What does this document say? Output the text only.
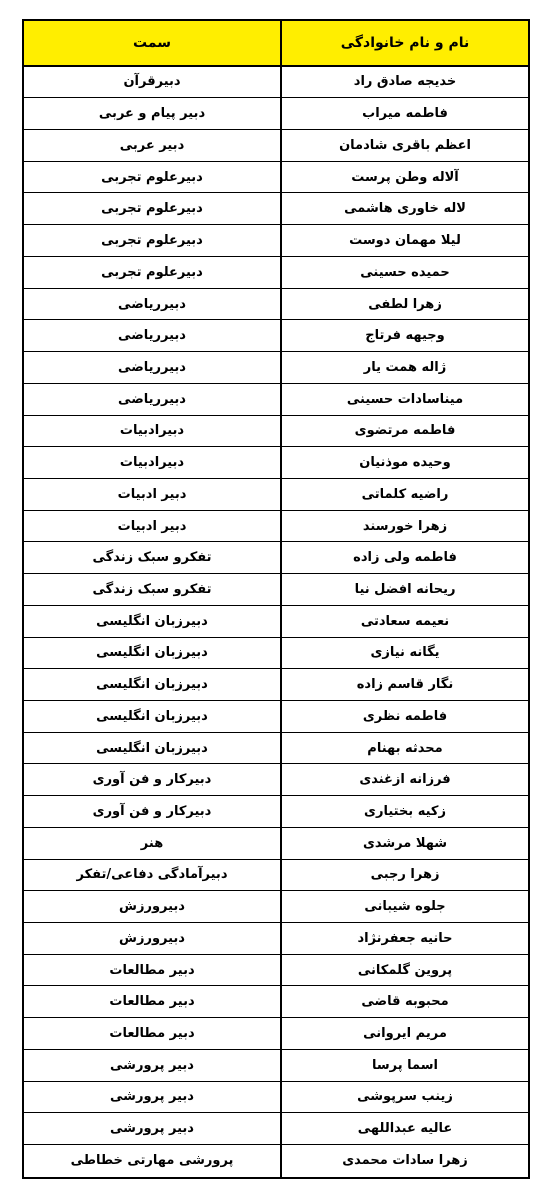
نام و نام خانوادگی
سمت
خدیجه صادق راد
دبیرقرآن
فاطمه میراب
دبیر پیام و عربی
اعظم باقری شادمان
دبیر عربی
آلاله وطن پرست
دبیرعلوم تجربی
لاله خاوری هاشمی
دبیرعلوم تجربی
لیلا مهمان دوست
دبیرعلوم تجربی
حمیده حسینی
دبیرعلوم تجربی
زهرا لطفی
دبیرریاضی
وجیهه فرتاج
دبیرریاضی
ژاله همت یار
دبیرریاضی
میناسادات حسینی
دبیرریاضی
فاطمه مرتضوی
دبیرادبیات
وحیده موذنیان
دبیرادبیات
راضیه کلماتی
دبیر ادبیات
زهرا خورسند
دبیر ادبیات
فاطمه ولی زاده
تفکرو سبک زندگی
ریحانه افضل نیا
تفکرو سبک زندگی
نعیمه سعادتی
دبیرزبان انگلیسی
یگانه نیازی
دبیرزبان انگلیسی
نگار قاسم زاده
دبیرزبان انگلیسی
فاطمه نظری
دبیرزبان انگلیسی
محدثه بهنام
دبیرزبان انگلیسی
فرزانه ازغندی
دبیرکار و فن آوری
زکیه بختیاری
دبیرکار و فن آوری
شهلا مرشدی
هنر
زهرا رجبی
دبیرآمادگی دفاعی/تفکر
جلوه شیبانی
دبیرورزش
حانیه جعفرنژاد
دبیرورزش
پروین گلمکانی
دبیر مطالعات
محبوبه قاضی
دبیر مطالعات
مریم ایروانی
دبیر مطالعات
اسما پرسا
دبیر پرورشی
زینب سرپوشی
دبیر پرورشی
عالیه عبداللهی
دبیر پرورشی
زهرا سادات محمدی
پرورشی مهارتی خطاطی
